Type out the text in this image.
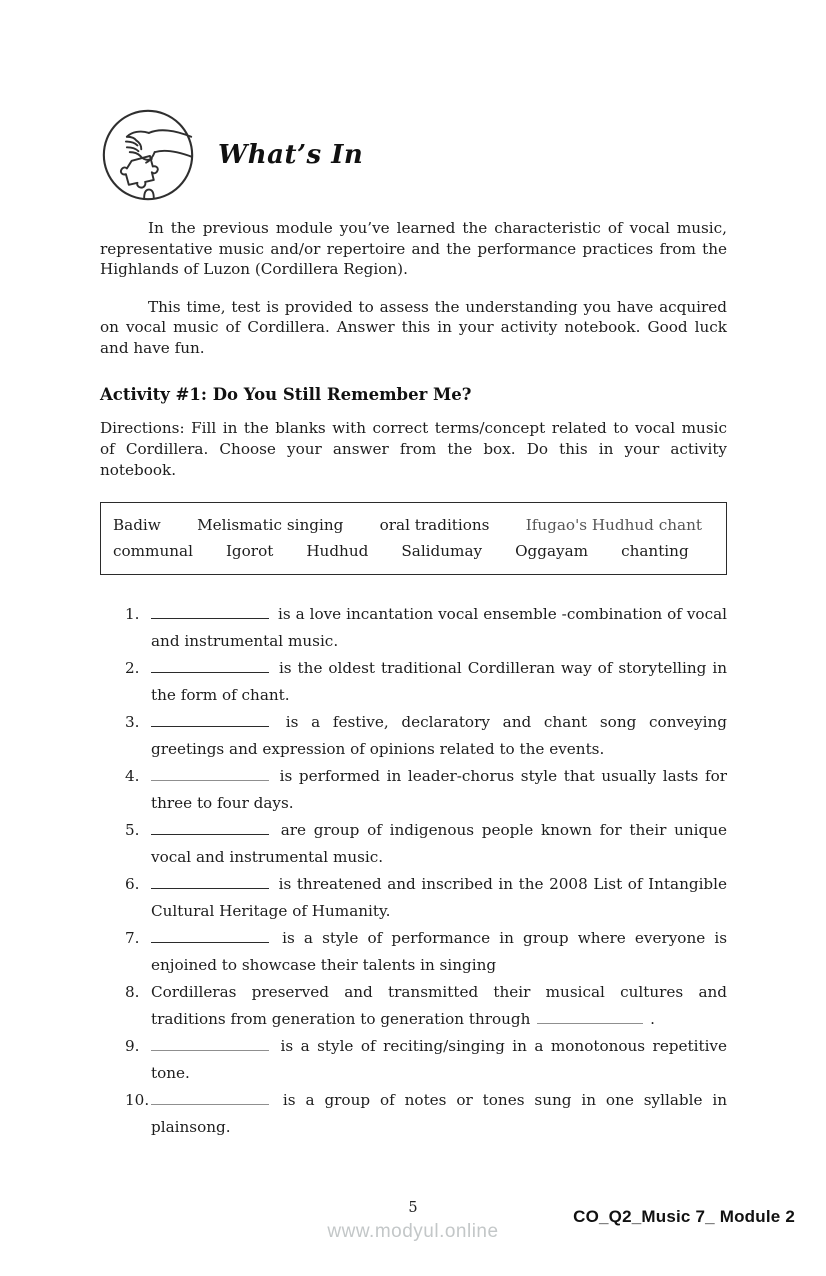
What’s In

In the previous module you’ve learned the characteristic of vocal music, representative music and/or repertoire and the performance practices from the Highlands of Luzon (Cordillera Region).

This time, test is provided to assess the understanding you have acquired on vocal music of Cordillera. Answer this in your activity notebook. Good luck and have fun.

Activity #1: Do You Still Remember Me?
Directions: Fill in the blanks with correct terms/concept related to vocal music of Cordillera. Choose your answer from the box. Do this in your activity notebook.
Badiw Melismatic singing oral traditions Ifugao's Hudhud chant
communal Igorot Hudhud Salidumay Oggayam chanting
1.	is a love incantation vocal ensemble -combination of vocal and instrumental music.
2.	is the oldest traditional Cordilleran way of storytelling in the form of chant.
3.	is a festive, declaratory and chant song conveying greetings and expression of opinions related to the events.
4.	is performed in leader-chorus style that usually lasts for three to four days.
5.	are group of indigenous people known for their unique vocal and instrumental music.
6.	is threatened and inscribed in the 2008 List of Intangible Cultural Heritage of Humanity.
7.	is a style of performance in group where everyone is enjoined to showcase their talents in singing
8. Cordilleras preserved and transmitted their musical cultures and traditions from generation to generation through	.
9.	is a style of reciting/singing in a monotonous repetitive tone.
10.	is a group of notes or tones sung in one syllable in plainsong.
5
www.modyul.online
CO_Q2_Music 7_ Module 2
